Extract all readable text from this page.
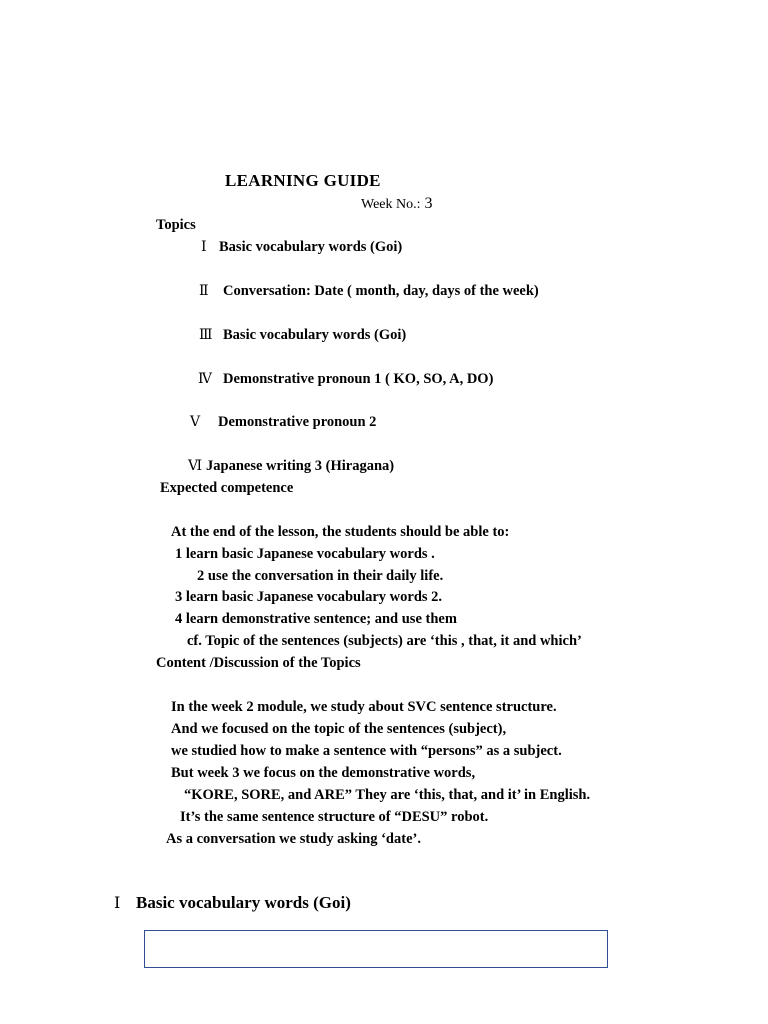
LEARNING GUIDE
Week No.: 3
Topics
Ⅰ Basic vocabulary words (Goi)
Ⅱ Conversation: Date ( month, day, days of the week)
Ⅲ Basic vocabulary words (Goi)
Ⅳ Demonstrative pronoun 1 ( KO, SO, A, DO)
Ⅴ Demonstrative pronoun 2
Ⅵ Japanese writing 3 (Hiragana)
Expected competence
At the end of the lesson, the students should be able to:
1 learn basic Japanese vocabulary words .
2 use the conversation in their daily life.
3 learn basic Japanese vocabulary words 2.
4 learn demonstrative sentence; and use them
cf. Topic of the sentences (subjects) are ‘this , that, it and which’
Content /Discussion of the Topics
In the week 2 module, we study about SVC sentence structure.
And we focused on the topic of the sentences (subject),
we studied how to make a sentence with “persons” as a subject.
But week 3 we focus on the demonstrative words,
“KORE, SORE, and ARE” They are ‘this, that, and it’ in English.
It’s the same sentence structure of “DESU” robot.
As a conversation we study asking ‘date’.
Ⅰ Basic vocabulary words (Goi)
